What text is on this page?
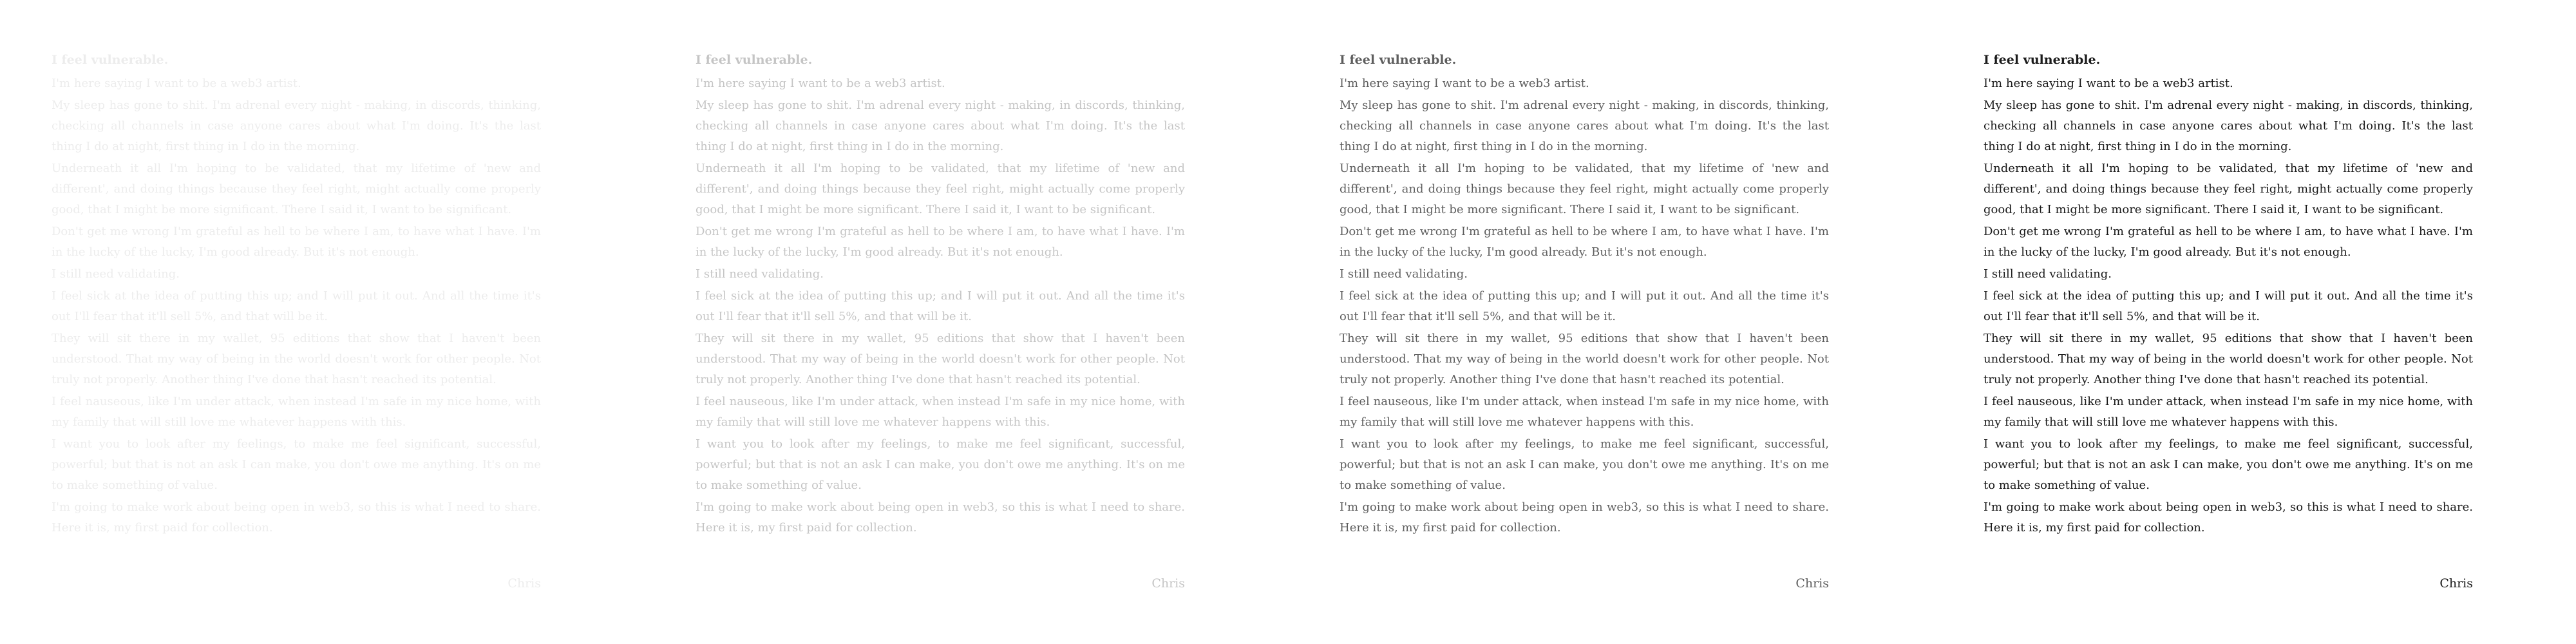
I feel vulnerable.

I'm here saying I want to be a web3 artist.

My sleep has gone to shit. I'm adrenal every night - making, in discords, thinking, checking all channels in case anyone cares about what I'm doing. It's the last thing I do at night, first thing in I do in the morning.

Underneath it all I'm hoping to be validated, that my lifetime of 'new and different', and doing things because they feel right, might actually come properly good, that I might be more significant. There I said it, I want to be significant.

Don't get me wrong I'm grateful as hell to be where I am, to have what I have. I'm in the lucky of the lucky, I'm good already. But it's not enough.

I still need validating.

I feel sick at the idea of putting this up; and I will put it out. And all the time it's out I'll fear that it'll sell 5%, and that will be it.

They will sit there in my wallet, 95 editions that show that I haven't been understood. That my way of being in the world doesn't work for other people. Not truly not properly. Another thing I've done that hasn't reached its potential.

I feel nauseous, like I'm under attack, when instead I'm safe in my nice home, with my family that will still love me whatever happens with this.

I want you to look after my feelings, to make me feel significant, successful, powerful; but that is not an ask I can make, you don't owe me anything. It's on me to make something of value.

I'm going to make work about being open in web3, so this is what I need to share. Here it is, my first paid for collection.

Chris
I feel vulnerable.

I'm here saying I want to be a web3 artist.

My sleep has gone to shit. I'm adrenal every night - making, in discords, thinking, checking all channels in case anyone cares about what I'm doing. It's the last thing I do at night, first thing in I do in the morning.

Underneath it all I'm hoping to be validated, that my lifetime of 'new and different', and doing things because they feel right, might actually come properly good, that I might be more significant. There I said it, I want to be significant.

Don't get me wrong I'm grateful as hell to be where I am, to have what I have. I'm in the lucky of the lucky, I'm good already. But it's not enough.

I still need validating.

I feel sick at the idea of putting this up; and I will put it out. And all the time it's out I'll fear that it'll sell 5%, and that will be it.

They will sit there in my wallet, 95 editions that show that I haven't been understood. That my way of being in the world doesn't work for other people. Not truly not properly. Another thing I've done that hasn't reached its potential.

I feel nauseous, like I'm under attack, when instead I'm safe in my nice home, with my family that will still love me whatever happens with this.

I want you to look after my feelings, to make me feel significant, successful, powerful; but that is not an ask I can make, you don't owe me anything. It's on me to make something of value.

I'm going to make work about being open in web3, so this is what I need to share. Here it is, my first paid for collection.

Chris
I feel vulnerable.

I'm here saying I want to be a web3 artist.

My sleep has gone to shit. I'm adrenal every night - making, in discords, thinking, checking all channels in case anyone cares about what I'm doing. It's the last thing I do at night, first thing in I do in the morning.

Underneath it all I'm hoping to be validated, that my lifetime of 'new and different', and doing things because they feel right, might actually come properly good, that I might be more significant. There I said it, I want to be significant.

Don't get me wrong I'm grateful as hell to be where I am, to have what I have. I'm in the lucky of the lucky, I'm good already. But it's not enough.

I still need validating.

I feel sick at the idea of putting this up; and I will put it out. And all the time it's out I'll fear that it'll sell 5%, and that will be it.

They will sit there in my wallet, 95 editions that show that I haven't been understood. That my way of being in the world doesn't work for other people. Not truly not properly. Another thing I've done that hasn't reached its potential.

I feel nauseous, like I'm under attack, when instead I'm safe in my nice home, with my family that will still love me whatever happens with this.

I want you to look after my feelings, to make me feel significant, successful, powerful; but that is not an ask I can make, you don't owe me anything. It's on me to make something of value.

I'm going to make work about being open in web3, so this is what I need to share. Here it is, my first paid for collection.

Chris
I feel vulnerable.

I'm here saying I want to be a web3 artist.

My sleep has gone to shit. I'm adrenal every night - making, in discords, thinking, checking all channels in case anyone cares about what I'm doing. It's the last thing I do at night, first thing in I do in the morning.

Underneath it all I'm hoping to be validated, that my lifetime of 'new and different', and doing things because they feel right, might actually come properly good, that I might be more significant. There I said it, I want to be significant.

Don't get me wrong I'm grateful as hell to be where I am, to have what I have. I'm in the lucky of the lucky, I'm good already. But it's not enough.

I still need validating.

I feel sick at the idea of putting this up; and I will put it out. And all the time it's out I'll fear that it'll sell 5%, and that will be it.

They will sit there in my wallet, 95 editions that show that I haven't been understood. That my way of being in the world doesn't work for other people. Not truly not properly. Another thing I've done that hasn't reached its potential.

I feel nauseous, like I'm under attack, when instead I'm safe in my nice home, with my family that will still love me whatever happens with this.

I want you to look after my feelings, to make me feel significant, successful, powerful; but that is not an ask I can make, you don't owe me anything. It's on me to make something of value.

I'm going to make work about being open in web3, so this is what I need to share. Here it is, my first paid for collection.

Chris
